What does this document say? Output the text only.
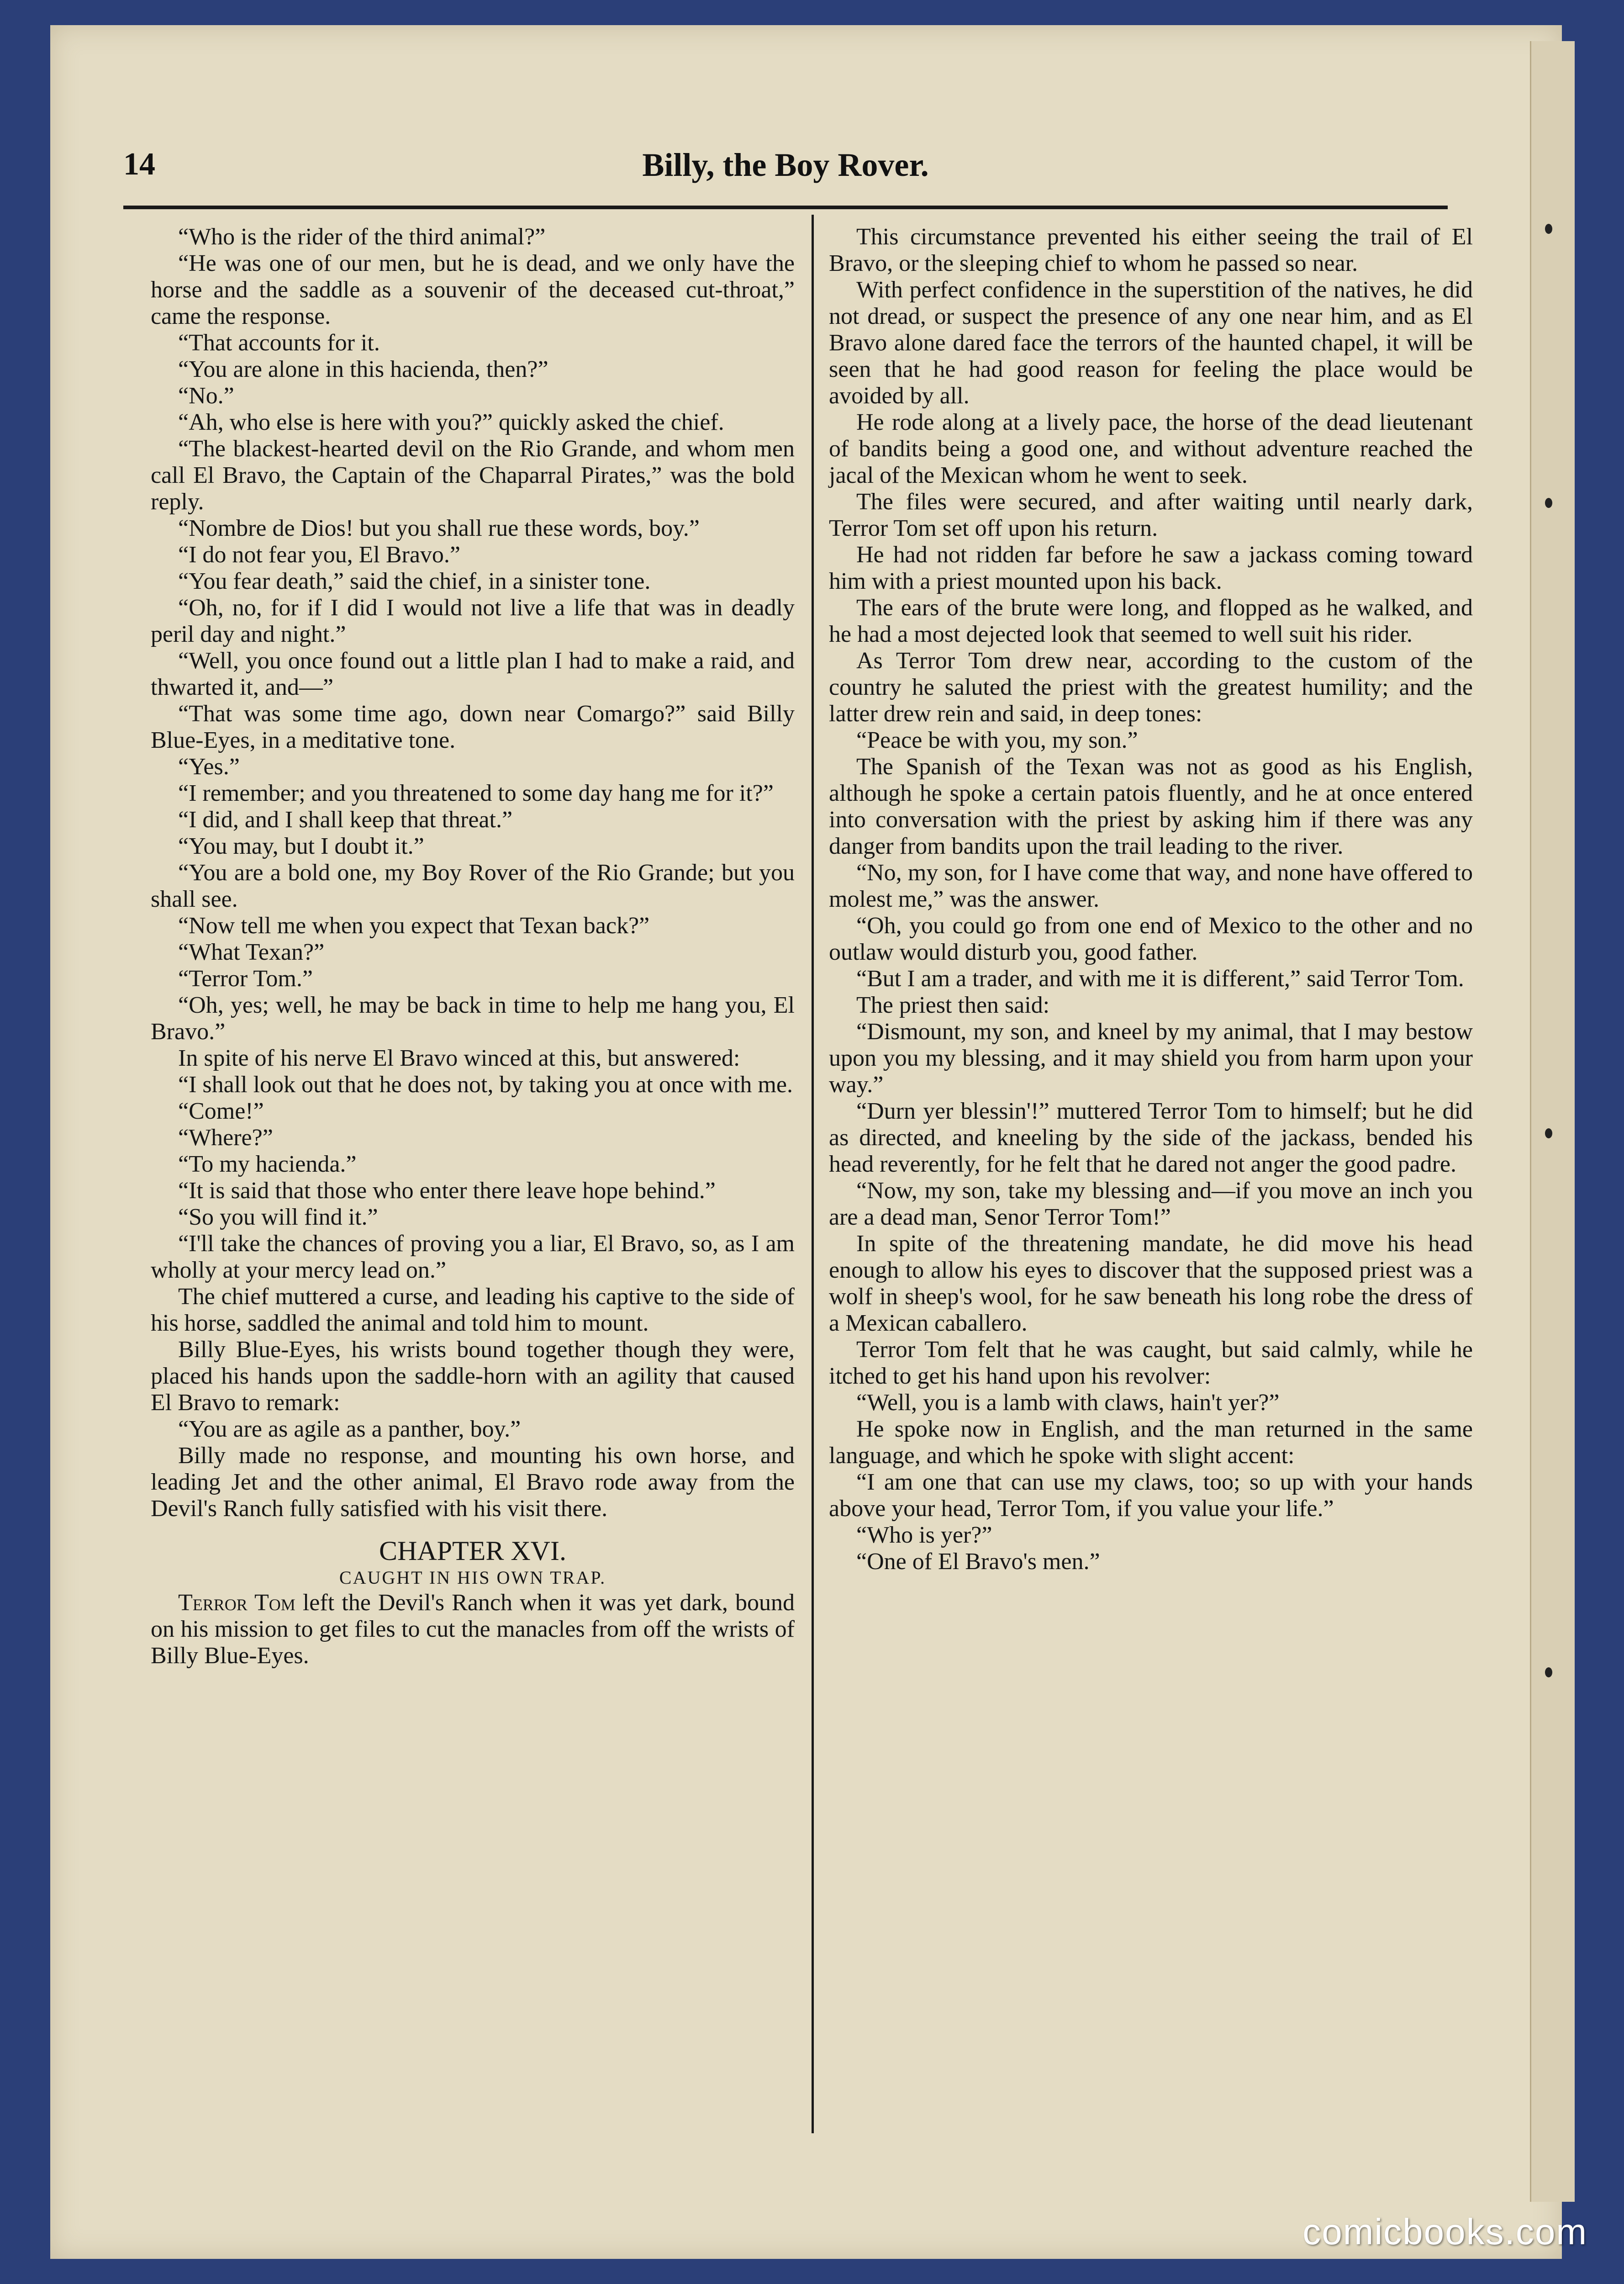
14	Billy, the Boy Rover.

“Who is the rider of the third animal?”

“He was one of our men, but he is dead, and we only have the horse and the saddle as a souvenir of the deceased cut-throat,” came the response.

“That accounts for it.

“You are alone in this hacienda, then?”

“No.”

“Ah, who else is here with you?” quickly asked the chief.

“The blackest-hearted devil on the Rio Grande, and whom men call El Bravo, the Captain of the Chaparral Pirates,” was the bold reply.

“Nombre de Dios! but you shall rue these words, boy.”

“I do not fear you, El Bravo.”

“You fear death,” said the chief, in a sinister tone.

“Oh, no, for if I did I would not live a life that was in deadly peril day and night.”

“Well, you once found out a little plan I had to make a raid, and thwarted it, and—”

“That was some time ago, down near Comargo?” said Billy Blue-Eyes, in a meditative tone.

“Yes.”

“I remember; and you threatened to some day hang me for it?”

“I did, and I shall keep that threat.”

“You may, but I doubt it.”

“You are a bold one, my Boy Rover of the Rio Grande; but you shall see.

“Now tell me when you expect that Texan back?”

“What Texan?”

“Terror Tom.”

“Oh, yes; well, he may be back in time to help me hang you, El Bravo.”

In spite of his nerve El Bravo winced at this, but answered:

“I shall look out that he does not, by taking you at once with me.

“Come!”

“Where?”

“To my hacienda.”

“It is said that those who enter there leave hope behind.”

“So you will find it.”

“I'll take the chances of proving you a liar, El Bravo, so, as I am wholly at your mercy lead on.”

The chief muttered a curse, and leading his captive to the side of his horse, saddled the animal and told him to mount.

Billy Blue-Eyes, his wrists bound together though they were, placed his hands upon the saddle-horn with an agility that caused El Bravo to remark:

“You are as agile as a panther, boy.”

Billy made no response, and mounting his own horse, and leading Jet and the other animal, El Bravo rode away from the Devil's Ranch fully satisfied with his visit there.

CHAPTER XVI.
CAUGHT IN HIS OWN TRAP.

Terror Tom left the Devil's Ranch when it was yet dark, bound on his mission to get files to cut the manacles from off the wrists of Billy Blue-Eyes.

This circumstance prevented his either seeing the trail of El Bravo, or the sleeping chief to whom he passed so near.

With perfect confidence in the superstition of the natives, he did not dread, or suspect the presence of any one near him, and as El Bravo alone dared face the terrors of the haunted chapel, it will be seen that he had good reason for feeling the place would be avoided by all.

He rode along at a lively pace, the horse of the dead lieutenant of bandits being a good one, and without adventure reached the jacal of the Mexican whom he went to seek.

The files were secured, and after waiting until nearly dark, Terror Tom set off upon his return.

He had not ridden far before he saw a jackass coming toward him with a priest mounted upon his back.

The ears of the brute were long, and flopped as he walked, and he had a most dejected look that seemed to well suit his rider.

As Terror Tom drew near, according to the custom of the country he saluted the priest with the greatest humility; and the latter drew rein and said, in deep tones:

“Peace be with you, my son.”

The Spanish of the Texan was not as good as his English, although he spoke a certain patois fluently, and he at once entered into conversation with the priest by asking him if there was any danger from bandits upon the trail leading to the river.

“No, my son, for I have come that way, and none have offered to molest me,” was the answer.

“Oh, you could go from one end of Mexico to the other and no outlaw would disturb you, good father.

“But I am a trader, and with me it is different,” said Terror Tom.

The priest then said:

“Dismount, my son, and kneel by my animal, that I may bestow upon you my blessing, and it may shield you from harm upon your way.”

“Durn yer blessin'!” muttered Terror Tom to himself; but he did as directed, and kneeling by the side of the jackass, bended his head reverently, for he felt that he dared not anger the good padre.

“Now, my son, take my blessing and—if you move an inch you are a dead man, Senor Terror Tom!”

In spite of the threatening mandate, he did move his head enough to allow his eyes to discover that the supposed priest was a wolf in sheep's wool, for he saw beneath his long robe the dress of a Mexican caballero.

Terror Tom felt that he was caught, but said calmly, while he itched to get his hand upon his revolver:

“Well, you is a lamb with claws, hain't yer?”

He spoke now in English, and the man returned in the same language, and which he spoke with slight accent:

“I am one that can use my claws, too; so up with your hands above your head, Terror Tom, if you value your life.”

“Who is yer?”

“One of El Bravo's men.”

comicbooks.com
